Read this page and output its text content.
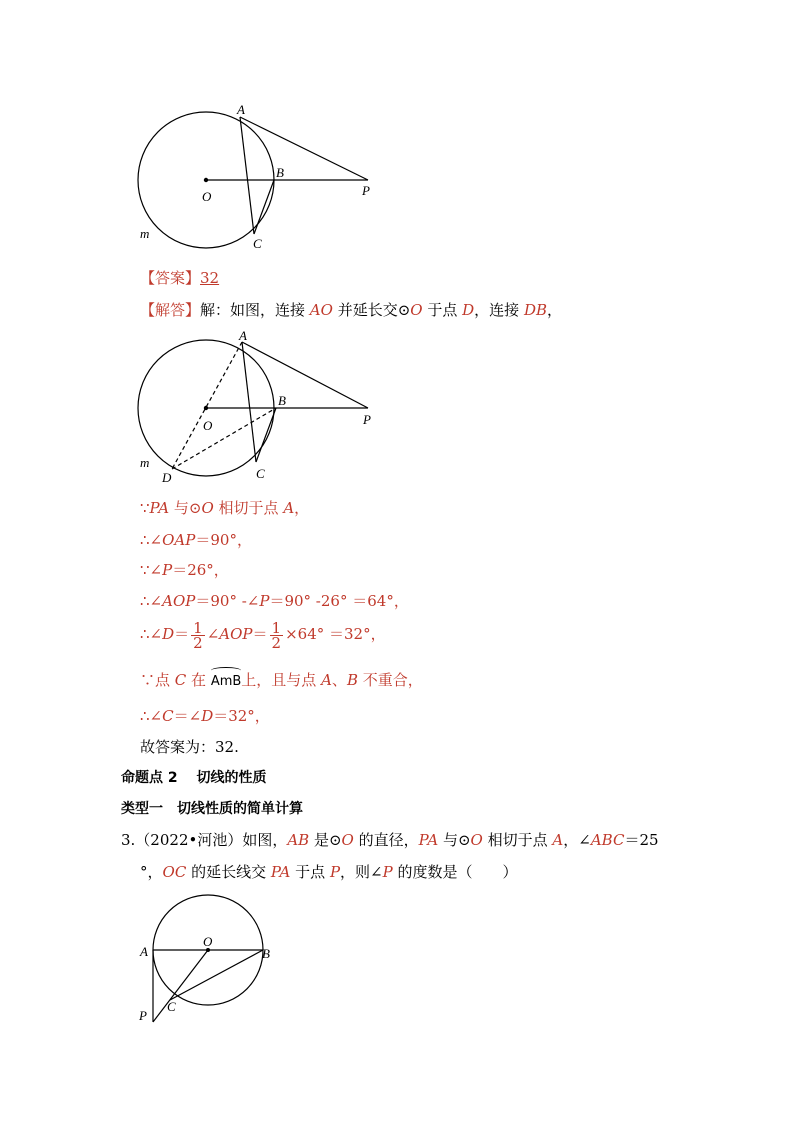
A
B
O	P
C
m
【答案】32
【解答】解：如图，连接 AO 并延长交⊙O 于点 D，连接 DB，
A
B
O	P
C
D
m
∵PA 与⊙O 相切于点 A，
∴∠OAP＝90°，
∵∠P＝26°，
∴∠AOP＝90° -∠P＝90° -26° ＝64°，
∴∠D＝ $\frac{1}{2}$ ∠AOP＝ $\frac{1}{2} \times 64^\circ =32^\circ$，
∵点 C 在 AmB上，且与点 A、B 不重合，
∴∠C＝∠D＝32°，
故答案为：32.
命题点 2　 切线的性质
类型一　切线性质的简单计算
3.（2022•河池）如图，AB 是⊙O 的直径，PA 与⊙O 相切于点 A，∠ABC＝25
°，OC 的延长线交 PA 于点 P，则∠P 的度数是（　　）
A	B
O
C
P
